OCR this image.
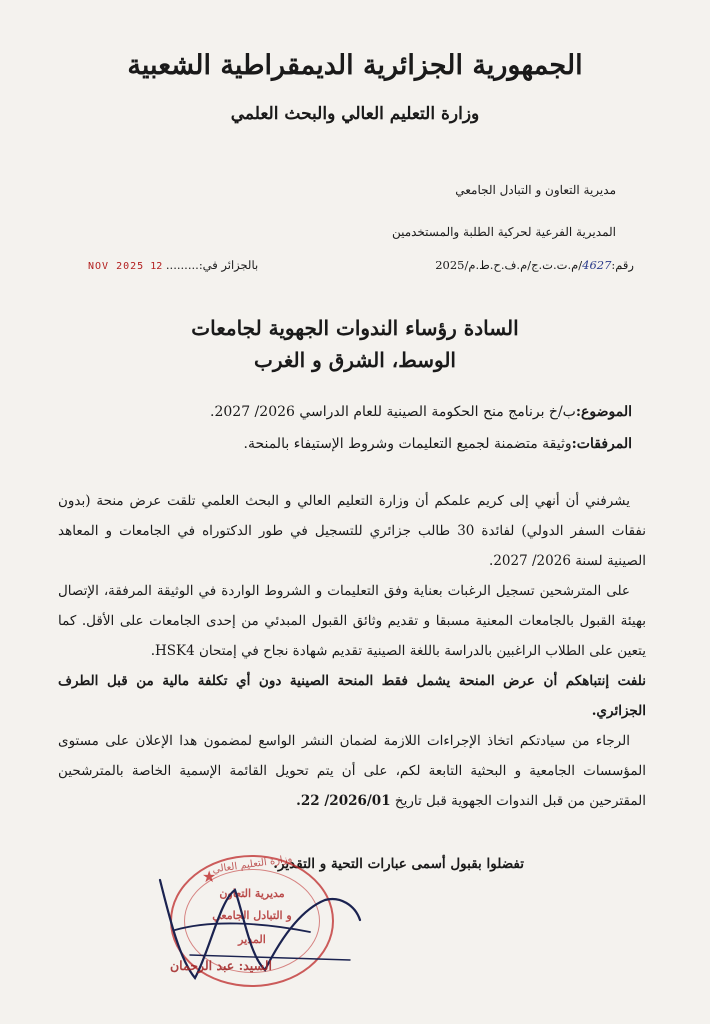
الجمهورية الجزائرية الديمقراطية الشعبية
وزارة التعليم العالي والبحث العلمي
مديرية التعاون و التبادل الجامعي
المديرية الفرعية لحركية الطلبة والمستخدمين
رقم:4627/م.ت.ت.ج/م.ف.ح.ط.م/2025
بالجزائر في:......... 12 NOV 2025
السادة رؤساء الندوات الجهوية لجامعات
الوسط، الشرق و الغرب
الموضوع:ب/خ برنامج منح الحكومة الصينية للعام الدراسي 2026/ 2027.
المرفقات:وثيقة متضمنة لجميع التعليمات وشروط الإستيفاء بالمنحة.

يشرفني أن أنهي إلى كريم علمكم أن وزارة التعليم العالي و البحث العلمي تلقت عرض منحة (بدون نفقات السفر الدولي) لفائدة 30 طالب جزائري للتسجيل في طور الدكتوراه في الجامعات و المعاهد الصينية لسنة 2026/ 2027.

على المترشحين تسجيل الرغبات بعناية وفق التعليمات و الشروط الواردة في الوثيقة المرفقة، الإتصال بهيئة القبول بالجامعات المعنية مسبقا و تقديم وثائق القبول المبدئي من إحدى الجامعات على الأقل. كما يتعين على الطلاب الراغبين بالدراسة باللغة الصينية تقديم شهادة نجاح في إمتحان HSK4.

نلفت إنتباهكم أن عرض المنحة يشمل فقط المنحة الصينية دون أي تكلفة مالية من قبل الطرف الجزائري.

الرجاء من سيادتكم اتخاذ الإجراءات اللازمة لضمان النشر الواسع لمضمون هدا الإعلان على مستوى المؤسسات الجامعية و البحثية التابعة لكم، على أن يتم تحويل القائمة الإسمية الخاصة بالمترشحين المقترحين من قبل الندوات الجهوية قبل تاريخ 2026/01/ 22.

تفضلوا بقبول أسمى عبارات التحية و التقدير.
★
وزارة التعليم العالي
مديرية التعاون
و التبادل الجامعي
المدير
السيد: عبد الرحمان
